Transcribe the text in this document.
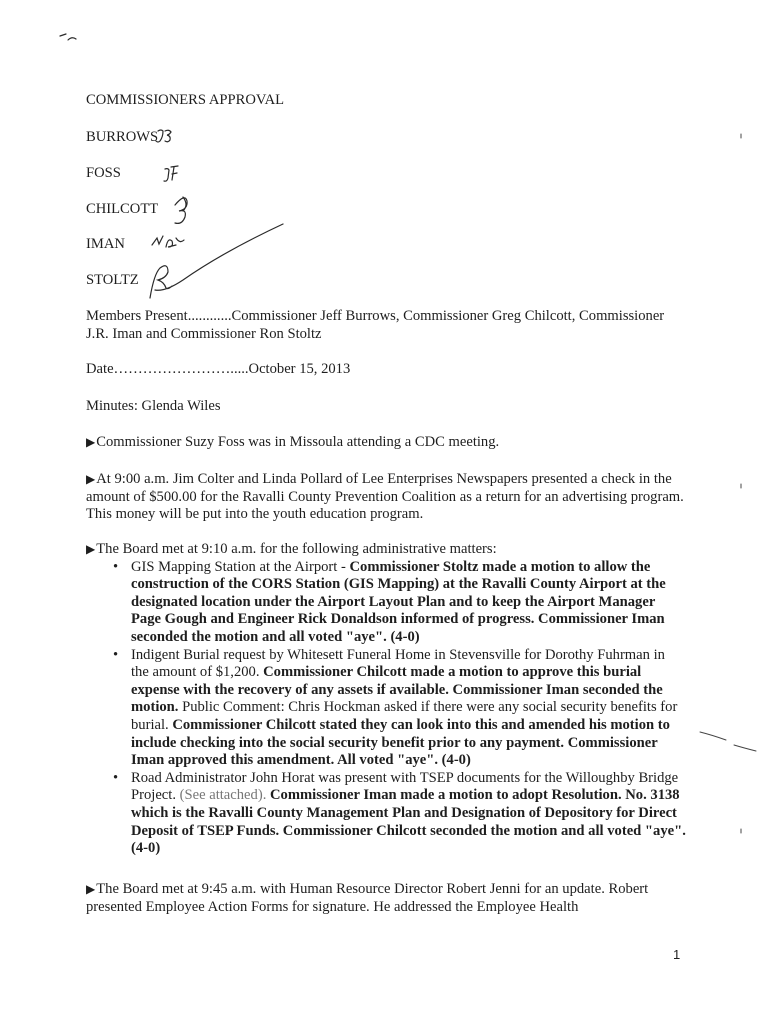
COMMISSIONERS APPROVAL
BURROWS
FOSS
CHILCOTT
IMAN
STOLTZ
Members Present............Commissioner Jeff Burrows, Commissioner Greg Chilcott, Commissioner J.R. Iman and Commissioner Ron Stoltz
Date…………………….....October 15, 2013
Minutes: Glenda Wiles
▶Commissioner Suzy Foss was in Missoula attending a CDC meeting.
▶At 9:00 a.m. Jim Colter and Linda Pollard of Lee Enterprises Newspapers presented a check in the amount of $500.00 for the Ravalli County Prevention Coalition as a return for an advertising program. This money will be put into the youth education program.
▶The Board met at 9:10 a.m. for the following administrative matters:
• GIS Mapping Station at the Airport - Commissioner Stoltz made a motion to allow the construction of the CORS Station (GIS Mapping) at the Ravalli County Airport at the designated location under the Airport Layout Plan and to keep the Airport Manager Page Gough and Engineer Rick Donaldson informed of progress. Commissioner Iman seconded the motion and all voted "aye". (4-0)
• Indigent Burial request by Whitesett Funeral Home in Stevensville for Dorothy Fuhrman in the amount of $1,200. Commissioner Chilcott made a motion to approve this burial expense with the recovery of any assets if available. Commissioner Iman seconded the motion. Public Comment: Chris Hockman asked if there were any social security benefits for burial. Commissioner Chilcott stated they can look into this and amended his motion to include checking into the social security benefit prior to any payment. Commissioner Iman approved this amendment. All voted "aye". (4-0)
• Road Administrator John Horat was present with TSEP documents for the Willoughby Bridge Project. (See attached). Commissioner Iman made a motion to adopt Resolution. No. 3138 which is the Ravalli County Management Plan and Designation of Depository for Direct Deposit of TSEP Funds. Commissioner Chilcott seconded the motion and all voted "aye". (4-0)
▶The Board met at 9:45 a.m. with Human Resource Director Robert Jenni for an update. Robert presented Employee Action Forms for signature. He addressed the Employee Health
1
